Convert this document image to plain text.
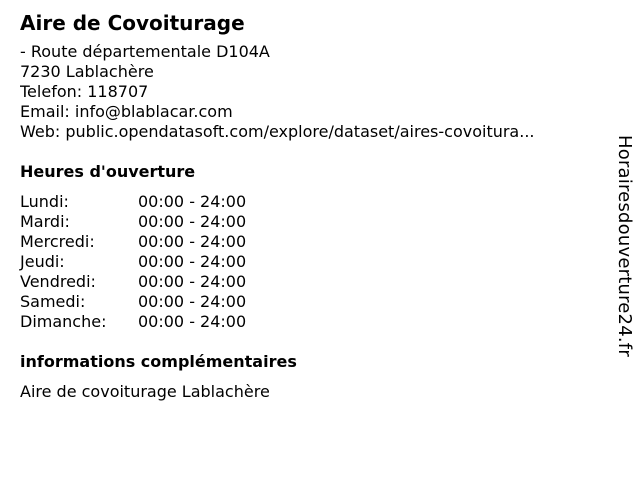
Aire de Covoiturage
- Route départementale D104A
7230 Lablachère
Telefon: 118707
Email: info@blablacar.com
Web: public.opendatasoft.com/explore/dataset/aires-covoitura...
Heures d'ouverture
Lundi:	00:00 - 24:00
Mardi:	00:00 - 24:00
Mercredi:	00:00 - 24:00
Jeudi:	00:00 - 24:00
Vendredi:	00:00 - 24:00
Samedi:	00:00 - 24:00
Dimanche:	00:00 - 24:00
informations complémentaires
Aire de covoiturage Lablachère
Horairesdouverture24.fr
